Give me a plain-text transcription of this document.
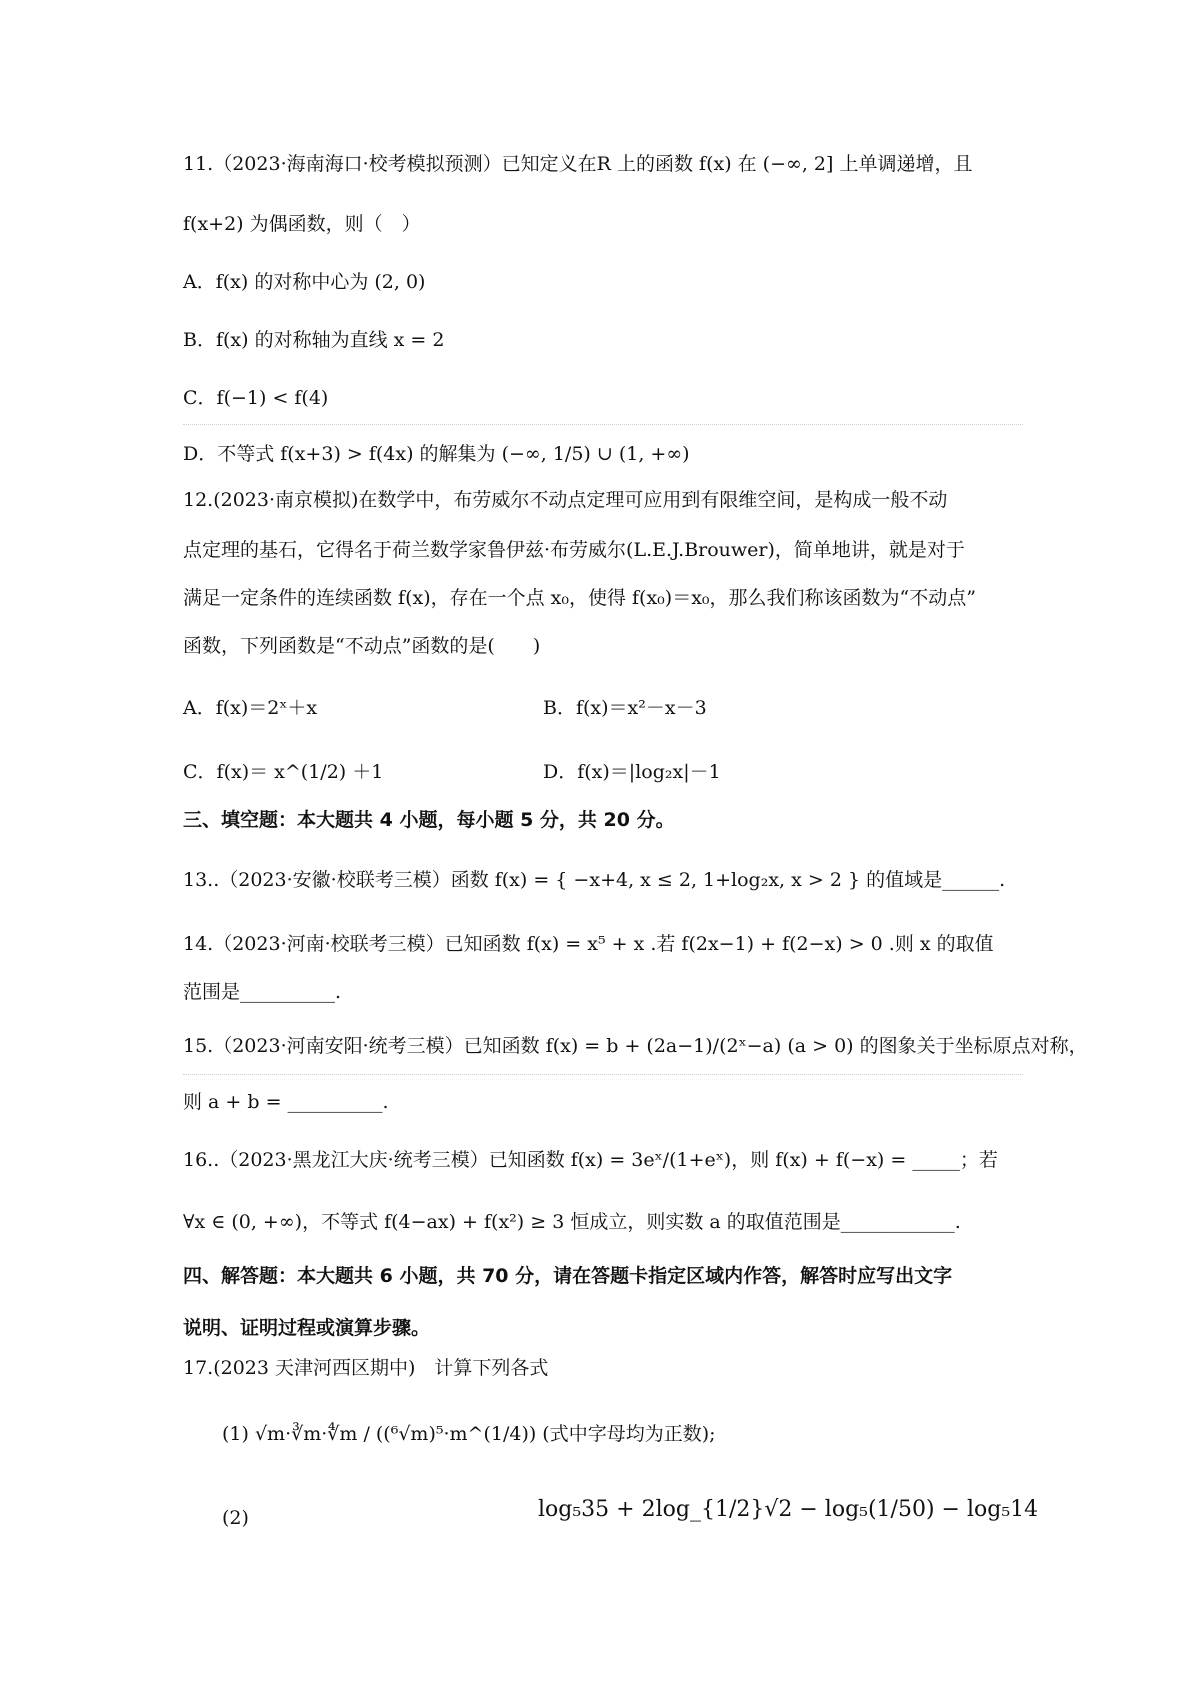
11.（2023·海南海口·校考模拟预测）已知定义在R 上的函数 f(x) 在 (−∞, 2] 上单调递增，且
f(x+2) 为偶函数，则（　）
A．f(x) 的对称中心为 (2, 0)
B．f(x) 的对称轴为直线 x = 2
C．f(−1) < f(4)
D．不等式 f(x+3) > f(4x) 的解集为 (−∞, 1/5) ∪ (1, +∞)
12.(2023·南京模拟)在数学中，布劳威尔不动点定理可应用到有限维空间，是构成一般不动
点定理的基石，它得名于荷兰数学家鲁伊兹·布劳威尔(L.E.J.Brouwer)，简单地讲，就是对于
满足一定条件的连续函数 f(x)，存在一个点 x₀，使得 f(x₀)＝x₀，那么我们称该函数为“不动点”
函数，下列函数是“不动点”函数的是(　　)
A．f(x)＝2ˣ＋x	B．f(x)＝x²－x－3
C．f(x)＝ x^(1/2) ＋1	D．f(x)＝|log₂x|－1
三、填空题：本大题共 4 小题，每小题 5 分，共 20 分。
13..（2023·安徽·校联考三模）函数 f(x) = { −x+4, x ≤ 2, 1+log₂x, x > 2 } 的值域是______.
14.（2023·河南·校联考三模）已知函数 f(x) = x⁵ + x .若 f(2x−1) + f(2−x) > 0 .则 x 的取值
范围是__________.
15.（2023·河南安阳·统考三模）已知函数 f(x) = b + (2a−1)/(2ˣ−a) (a > 0) 的图象关于坐标原点对称，
则 a + b = __________.
16..（2023·黑龙江大庆·统考三模）已知函数 f(x) = 3eˣ/(1+eˣ)，则 f(x) + f(−x) = _____；若
∀x ∈ (0, +∞)，不等式 f(4−ax) + f(x²) ≥ 3 恒成立，则实数 a 的取值范围是____________.
四、解答题：本大题共 6 小题，共 70 分，请在答题卡指定区域内作答，解答时应写出文字
说明、证明过程或演算步骤。
17.(2023 天津河西区期中)　计算下列各式
(1) √m·∛m·∜m / ((⁶√m)⁵·m^(1/4)) (式中字母均为正数);
(2)	log₅35 + 2log_{1/2}√2 − log₅(1/50) − log₅14
